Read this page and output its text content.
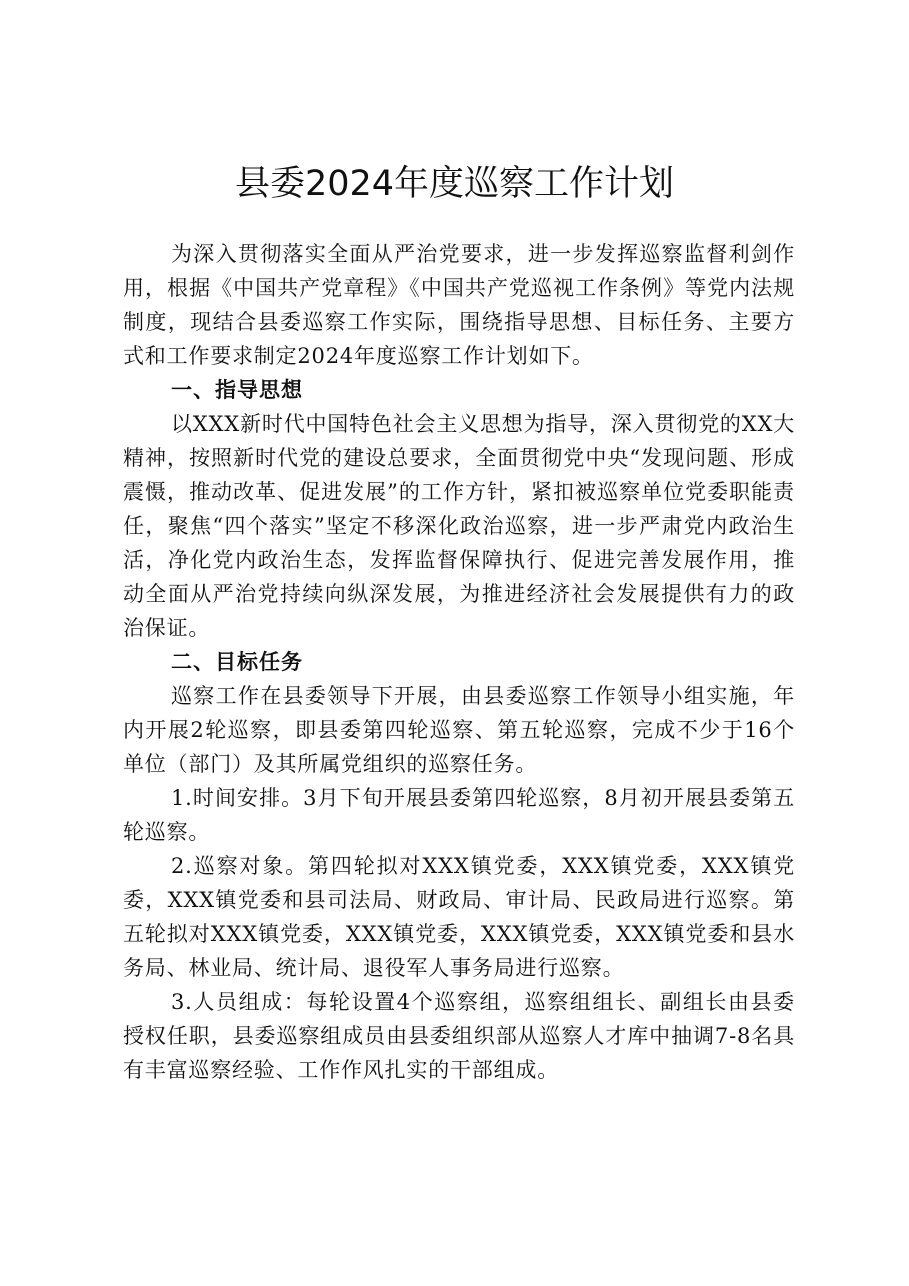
县委2024年度巡察工作计划

为深入贯彻落实全面从严治党要求，进一步发挥巡察监督利剑作用，根据《中国共产党章程》《中国共产党巡视工作条例》等党内法规制度，现结合县委巡察工作实际，围绕指导思想、目标任务、主要方式和工作要求制定2024年度巡察工作计划如下。

一、指导思想

以XXX新时代中国特色社会主义思想为指导，深入贯彻党的XX大精神，按照新时代党的建设总要求，全面贯彻党中央“发现问题、形成震慑，推动改革、促进发展”的工作方针，紧扣被巡察单位党委职能责任，聚焦“四个落实”坚定不移深化政治巡察，进一步严肃党内政治生活，净化党内政治生态，发挥监督保障执行、促进完善发展作用，推动全面从严治党持续向纵深发展，为推进经济社会发展提供有力的政治保证。

二、目标任务

巡察工作在县委领导下开展，由县委巡察工作领导小组实施，年内开展2轮巡察，即县委第四轮巡察、第五轮巡察，完成不少于16个单位（部门）及其所属党组织的巡察任务。

1.时间安排。3月下旬开展县委第四轮巡察，8月初开展县委第五轮巡察。

2.巡察对象。第四轮拟对XXX镇党委，XXX镇党委，XXX镇党委，XXX镇党委和县司法局、财政局、审计局、民政局进行巡察。第五轮拟对XXX镇党委，XXX镇党委，XXX镇党委，XXX镇党委和县水务局、林业局、统计局、退役军人事务局进行巡察。

3.人员组成：每轮设置4个巡察组，巡察组组长、副组长由县委授权任职，县委巡察组成员由县委组织部从巡察人才库中抽调7-8名具有丰富巡察经验、工作作风扎实的干部组成。
